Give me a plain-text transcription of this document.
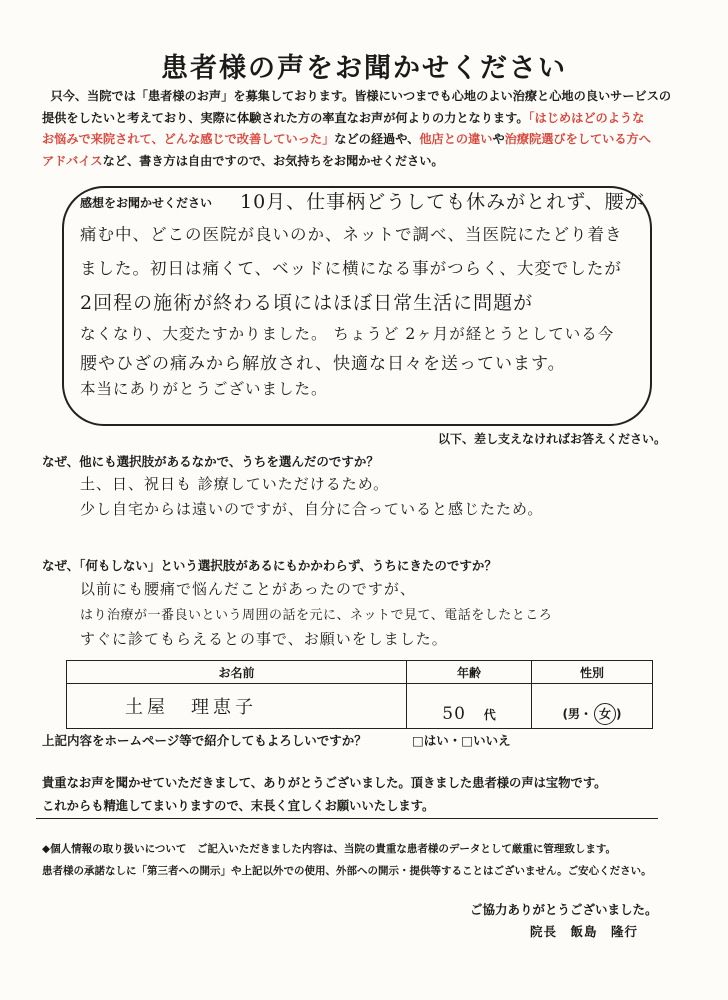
患者様の声をお聞かせください
只今、当院では「患者様のお声」を募集しております。皆様にいつまでも心地のよい治療と心地の良いサービスの
提供をしたいと考えており、実際に体験された方の率直なお声が何よりの力となります。「はじめはどのような
お悩みで来院されて、どんな感じで改善していった」などの経過や、他店との違いや治療院選びをしている方へ
アドバイスなど、書き方は自由ですので、お気持ちをお聞かせください。
感想をお聞かせください 10月、仕事柄どうしても休みがとれず、腰が
痛む中、どこの医院が良いのか、ネットで調べ、当医院にたどり着き
ました。初日は痛くて、ベッドに横になる事がつらく、大変でしたが
2回程の施術が終わる頃にはほぼ日常生活に問題が
なくなり、大変たすかりました。 ちょうど 2ヶ月が経とうとしている今
腰やひざの痛みから解放され、快適な日々を送っています。
本当にありがとうございました。
以下、差し支えなければお答えください。
なぜ、他にも選択肢があるなかで、うちを選んだのですか？
土、日、祝日も 診療していただけるため。
少し自宅からは遠いのですが、自分に合っていると感じたため。
なぜ、「何もしない」という選択肢があるにもかかわらず、うちにきたのですか？
以前にも腰痛で悩んだことがあったのですが、
はり治療が一番良いという周囲の話を元に、ネットで見て、電話をしたところ
すぐに診てもらえるとの事で、お願いをしました。
お名前	年齢	性別
土屋　理恵子	50 代	(男・ 女 )
上記内容をホームページ等で紹介してもよろしいですか？	□はい・□いいえ
貴重なお声を聞かせていただきまして、ありがとうございました。頂きました患者様の声は宝物です。
これからも精進してまいりますので、末長く宜しくお願いいたします。
◆個人情報の取り扱いについて　ご記入いただきました内容は、当院の貴重な患者様のデータとして厳重に管理致します。
患者様の承諾なしに「第三者への開示」や上記以外での使用、外部への開示・提供等することはございません。ご安心ください。
ご協力ありがとうございました。
院長　飯島　隆行
